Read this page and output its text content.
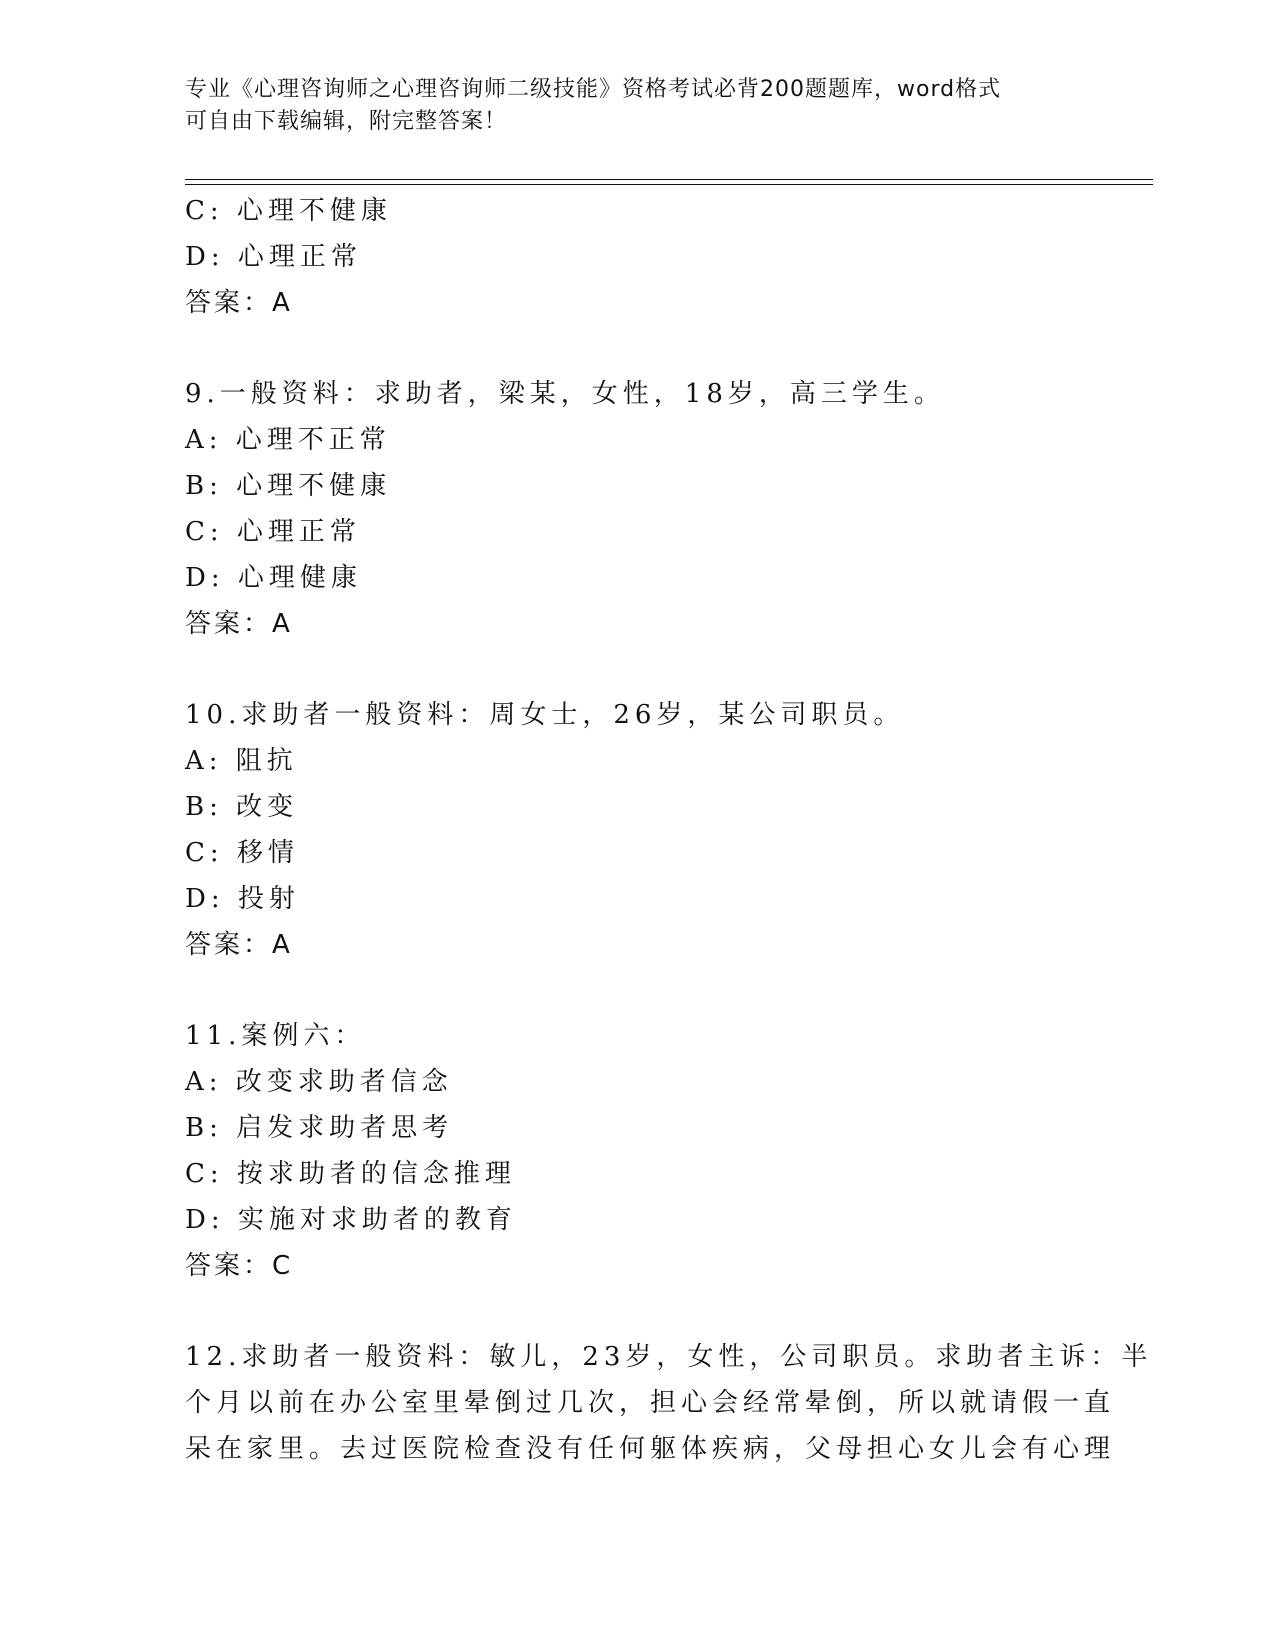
专业《心理咨询师之心理咨询师二级技能》资格考试必背200题题库，word格式
可自由下载编辑，附完整答案！
C: 心理不健康
D: 心理正常
答案：A
9.一般资料：求助者，梁某，女性，18岁，高三学生。
A: 心理不正常
B: 心理不健康
C: 心理正常
D: 心理健康
答案：A
10.求助者一般资料：周女士，26岁，某公司职员。
A: 阻抗
B: 改变
C: 移情
D: 投射
答案：A
11.案例六：
A: 改变求助者信念
B: 启发求助者思考
C: 按求助者的信念推理
D: 实施对求助者的教育
答案：C
12.求助者一般资料：敏儿，23岁，女性，公司职员。求助者主诉：半
个月以前在办公室里晕倒过几次，担心会经常晕倒，所以就请假一直
呆在家里。去过医院检查没有任何躯体疾病，父母担心女儿会有心理
